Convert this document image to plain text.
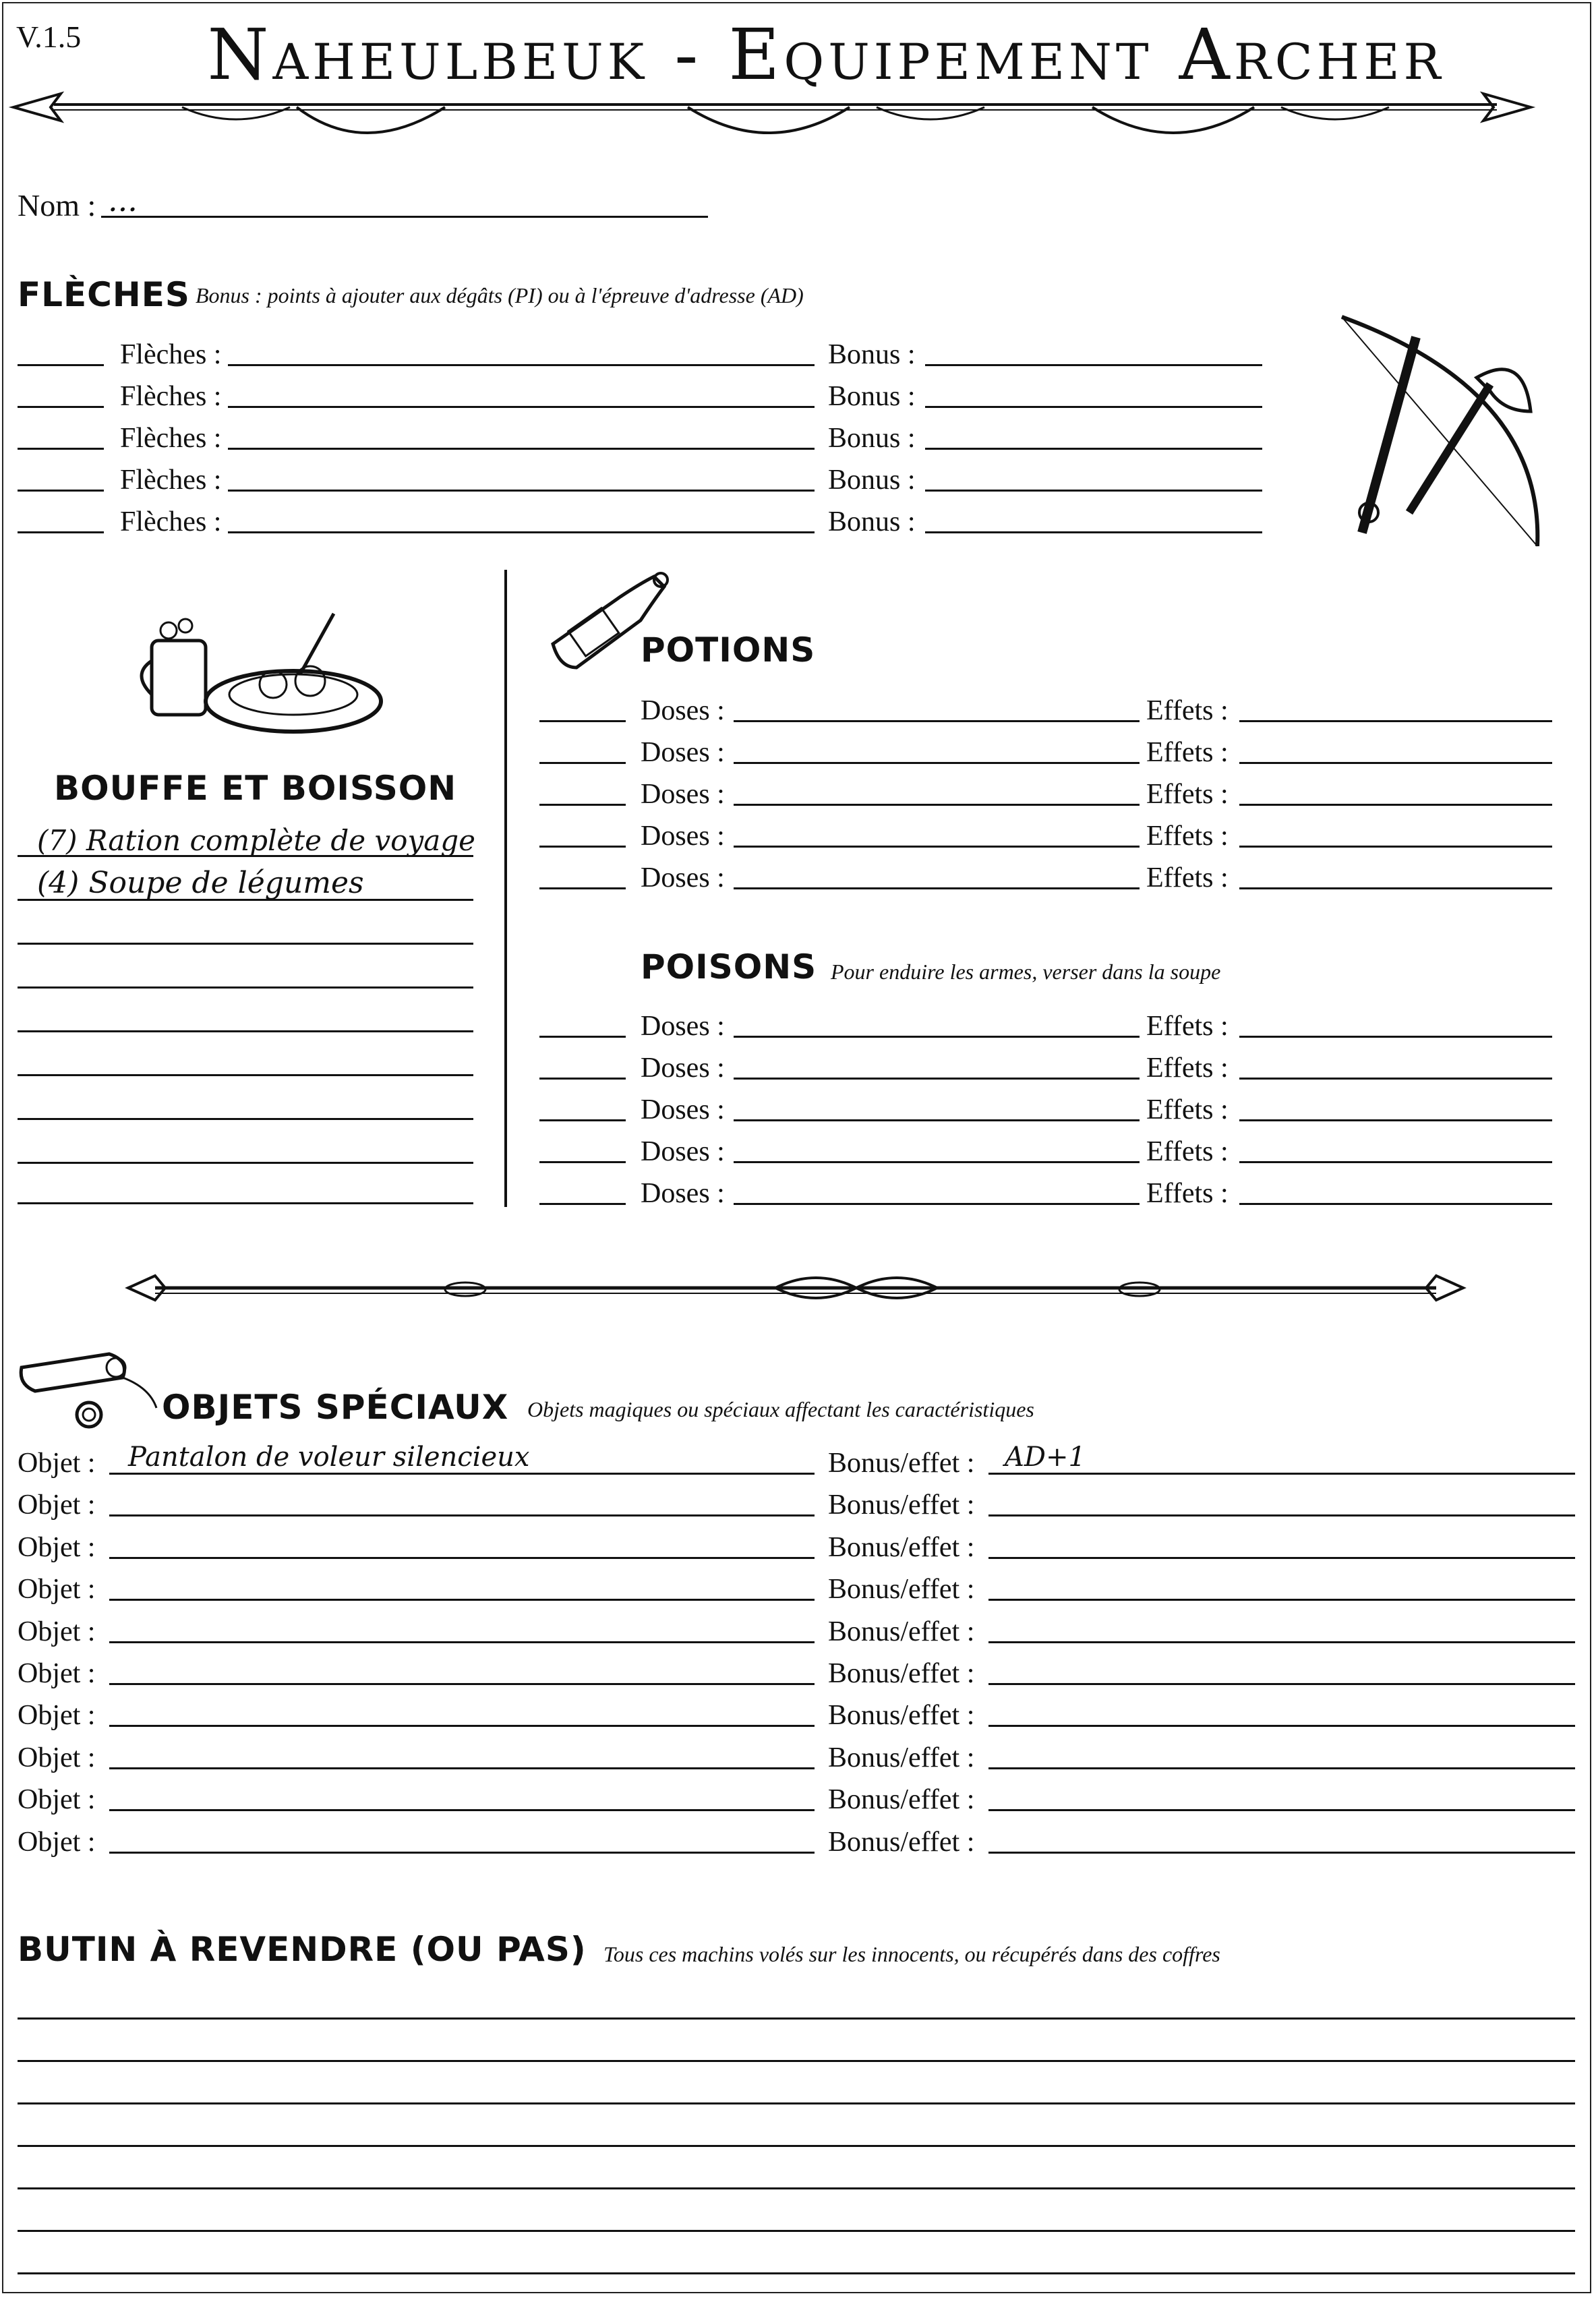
V.1.5 Naheulbeuk - Equipement Archer
Nom : ...
FLÈCHES Bonus : points à ajouter aux dégâts (PI) ou à l'épreuve d'adresse (AD)
Flèches :	Bonus :
Flèches :	Bonus :
Flèches :	Bonus :
Flèches :	Bonus :
Flèches :	Bonus :
BOUFFE ET BOISSON
(7) Ration complète de voyage
(4) Soupe de légumes
POTIONS
Doses :	Effets :
Doses :	Effets :
Doses :	Effets :
Doses :	Effets :
Doses :	Effets :
POISONS Pour enduire les armes, verser dans la soupe
Doses :	Effets :
Doses :	Effets :
Doses :	Effets :
Doses :	Effets :
Doses :	Effets :
OBJETS SPÉCIAUX Objets magiques ou spéciaux affectant les caractéristiques
Pantalon de voleur silencieux	AD+1
Objet :	Bonus/effet :
Objet :	Bonus/effet :
Objet :	Bonus/effet :
Objet :	Bonus/effet :
Objet :	Bonus/effet :
Objet :	Bonus/effet :
Objet :	Bonus/effet :
Objet :	Bonus/effet :
Objet :	Bonus/effet :
Objet :	Bonus/effet :
BUTIN À REVENDRE (OU PAS) Tous ces machins volés sur les innocents, ou récupérés dans des coffres
